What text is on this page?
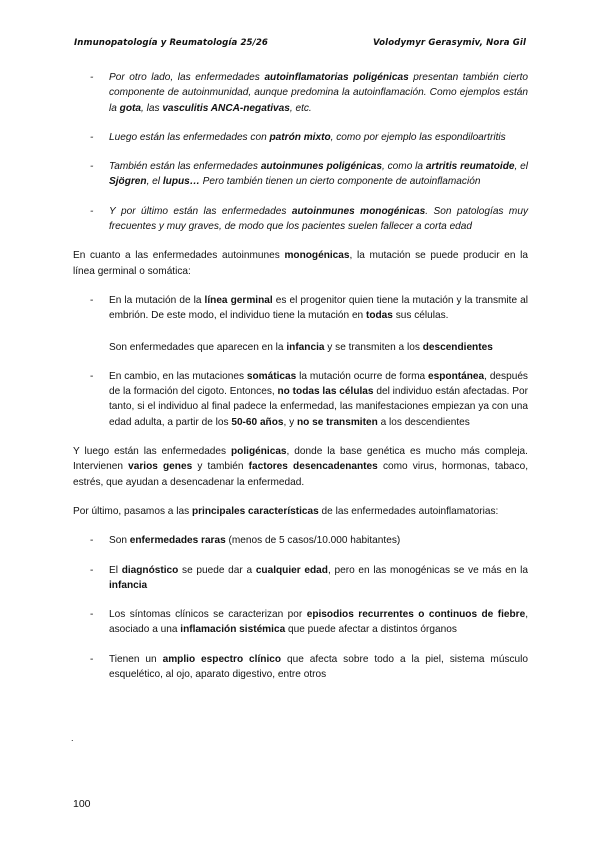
Inmunopatología y Reumatología 25/26	Volodymyr Gerasymiv, Nora Gil
- Por otro lado, las enfermedades autoinflamatorias poligénicas presentan también cierto componente de autoinmunidad, aunque predomina la autoinflamación. Como ejemplos están la gota, las vasculitis ANCA-negativas, etc.
- Luego están las enfermedades con patrón mixto, como por ejemplo las espondiloartritis
- También están las enfermedades autoinmunes poligénicas, como la artritis reumatoide, el Sjögren, el lupus… Pero también tienen un cierto componente de autoinflamación
- Y por último están las enfermedades autoinmunes monogénicas. Son patologías muy frecuentes y muy graves, de modo que los pacientes suelen fallecer a corta edad

En cuanto a las enfermedades autoinmunes monogénicas, la mutación se puede producir en la línea germinal o somática:

- En la mutación de la línea germinal es el progenitor quien tiene la mutación y la transmite al embrión. De este modo, el individuo tiene la mutación en todas sus células.
Son enfermedades que aparecen en la infancia y se transmiten a los descendientes
- En cambio, en las mutaciones somáticas la mutación ocurre de forma espontánea, después de la formación del cigoto. Entonces, no todas las células del individuo están afectadas. Por tanto, si el individuo al final padece la enfermedad, las manifestaciones empiezan ya con una edad adulta, a partir de los 50-60 años, y no se transmiten a los descendientes

Y luego están las enfermedades poligénicas, donde la base genética es mucho más compleja. Intervienen varios genes y también factores desencadenantes como virus, hormonas, tabaco, estrés, que ayudan a desencadenar la enfermedad.

Por último, pasamos a las principales características de las enfermedades autoinflamatorias:

- Son enfermedades raras (menos de 5 casos/10.000 habitantes)
- El diagnóstico se puede dar a cualquier edad, pero en las monogénicas se ve más en la infancia
- Los síntomas clínicos se caracterizan por episodios recurrentes o continuos de fiebre, asociado a una inflamación sistémica que puede afectar a distintos órganos
- Tienen un amplio espectro clínico que afecta sobre todo a la piel, sistema músculo esquelético, al ojo, aparato digestivo, entre otros
.
100
